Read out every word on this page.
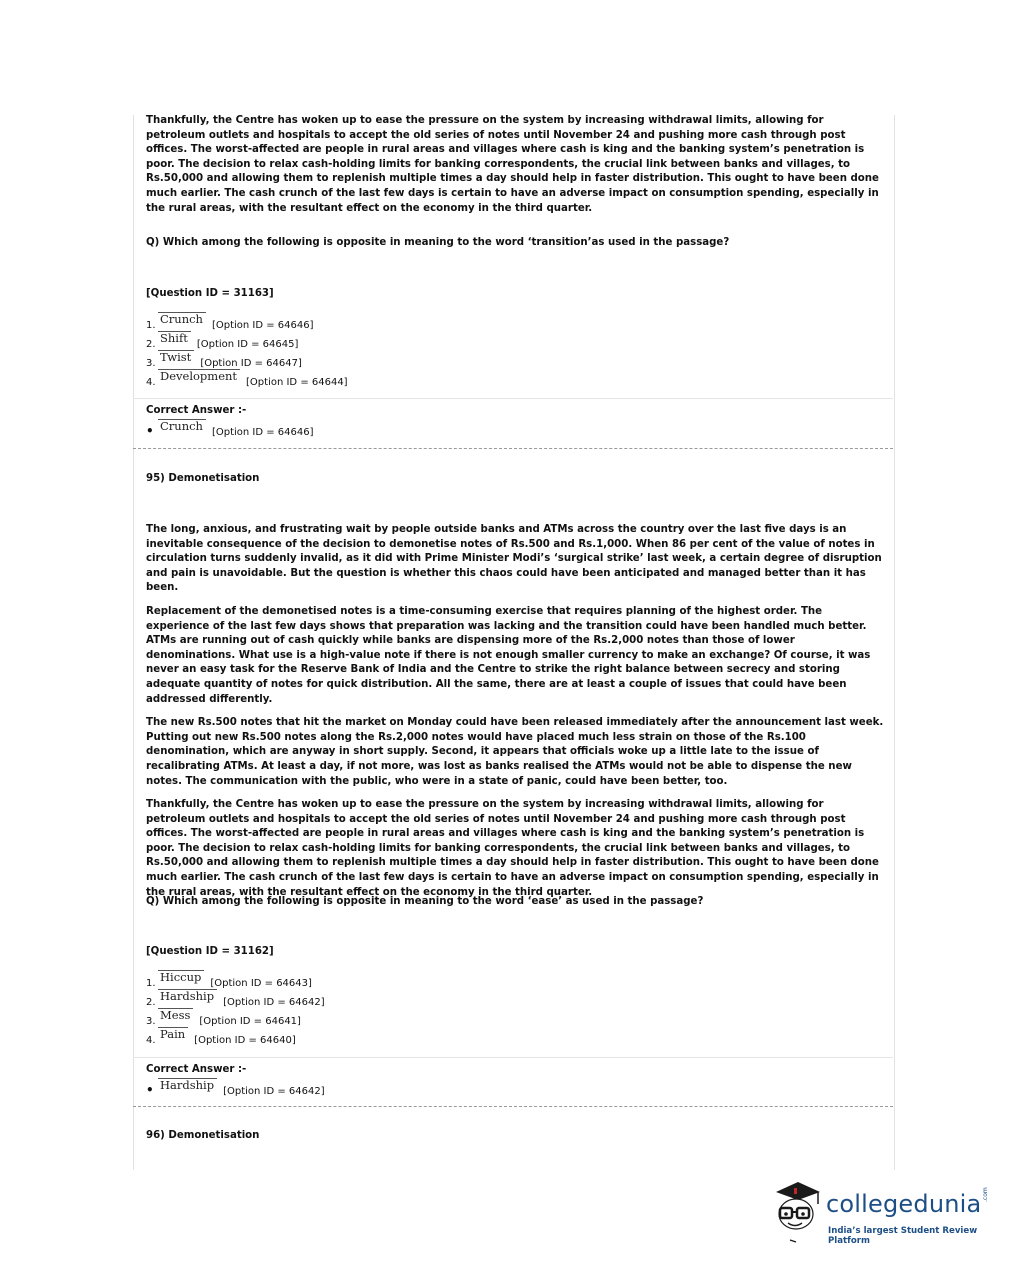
Thankfully, the Centre has woken up to ease the pressure on the system by increasing withdrawal limits, allowing for petroleum outlets and hospitals to accept the old series of notes until November 24 and pushing more cash through post offices. The worst-affected are people in rural areas and villages where cash is king and the banking system’s penetration is poor. The decision to relax cash-holding limits for banking correspondents, the crucial link between banks and villages, to Rs.50,000 and allowing them to replenish multiple times a day should help in faster distribution. This ought to have been done much earlier. The cash crunch of the last few days is certain to have an adverse impact on consumption spending, especially in the rural areas, with the resultant effect on the economy in the third quarter.

Q) Which among the following is opposite in meaning to the word ‘transition’as used in the passage?

[Question ID = 31163]

1. Crunch [Option ID = 64646]
2. Shift [Option ID = 64645]
3. Twist [Option ID = 64647]
4. Development [Option ID = 64644]

Correct Answer :-

• Crunch [Option ID = 64646]

95) Demonetisation

The long, anxious, and frustrating wait by people outside banks and ATMs across the country over the last five days is an inevitable consequence of the decision to demonetise notes of Rs.500 and Rs.1,000. When 86 per cent of the value of notes in circulation turns suddenly invalid, as it did with Prime Minister Modi’s ‘surgical strike’ last week, a certain degree of disruption and pain is unavoidable. But the question is whether this chaos could have been anticipated and managed better than it has been.

Replacement of the demonetised notes is a time-consuming exercise that requires planning of the highest order. The experience of the last few days shows that preparation was lacking and the transition could have been handled much better. ATMs are running out of cash quickly while banks are dispensing more of the Rs.2,000 notes than those of lower denominations. What use is a high-value note if there is not enough smaller currency to make an exchange? Of course, it was never an easy task for the Reserve Bank of India and the Centre to strike the right balance between secrecy and storing adequate quantity of notes for quick distribution. All the same, there are at least a couple of issues that could have been addressed differently.

The new Rs.500 notes that hit the market on Monday could have been released immediately after the announcement last week. Putting out new Rs.500 notes along the Rs.2,000 notes would have placed much less strain on those of the Rs.100 denomination, which are anyway in short supply. Second, it appears that officials woke up a little late to the issue of recalibrating ATMs. At least a day, if not more, was lost as banks realised the ATMs would not be able to dispense the new notes. The communication with the public, who were in a state of panic, could have been better, too.

Thankfully, the Centre has woken up to ease the pressure on the system by increasing withdrawal limits, allowing for petroleum outlets and hospitals to accept the old series of notes until November 24 and pushing more cash through post offices. The worst-affected are people in rural areas and villages where cash is king and the banking system’s penetration is poor. The decision to relax cash-holding limits for banking correspondents, the crucial link between banks and villages, to Rs.50,000 and allowing them to replenish multiple times a day should help in faster distribution. This ought to have been done much earlier. The cash crunch of the last few days is certain to have an adverse impact on consumption spending, especially in the rural areas, with the resultant effect on the economy in the third quarter.

Q) Which among the following is opposite in meaning to the word ‘ease’ as used in the passage?

[Question ID = 31162]

1. Hiccup [Option ID = 64643]
2. Hardship [Option ID = 64642]
3. Mess [Option ID = 64641]
4. Pain [Option ID = 64640]

Correct Answer :-

• Hardship [Option ID = 64642]

96) Demonetisation

collegedunia .com
India’s largest Student Review Platform
